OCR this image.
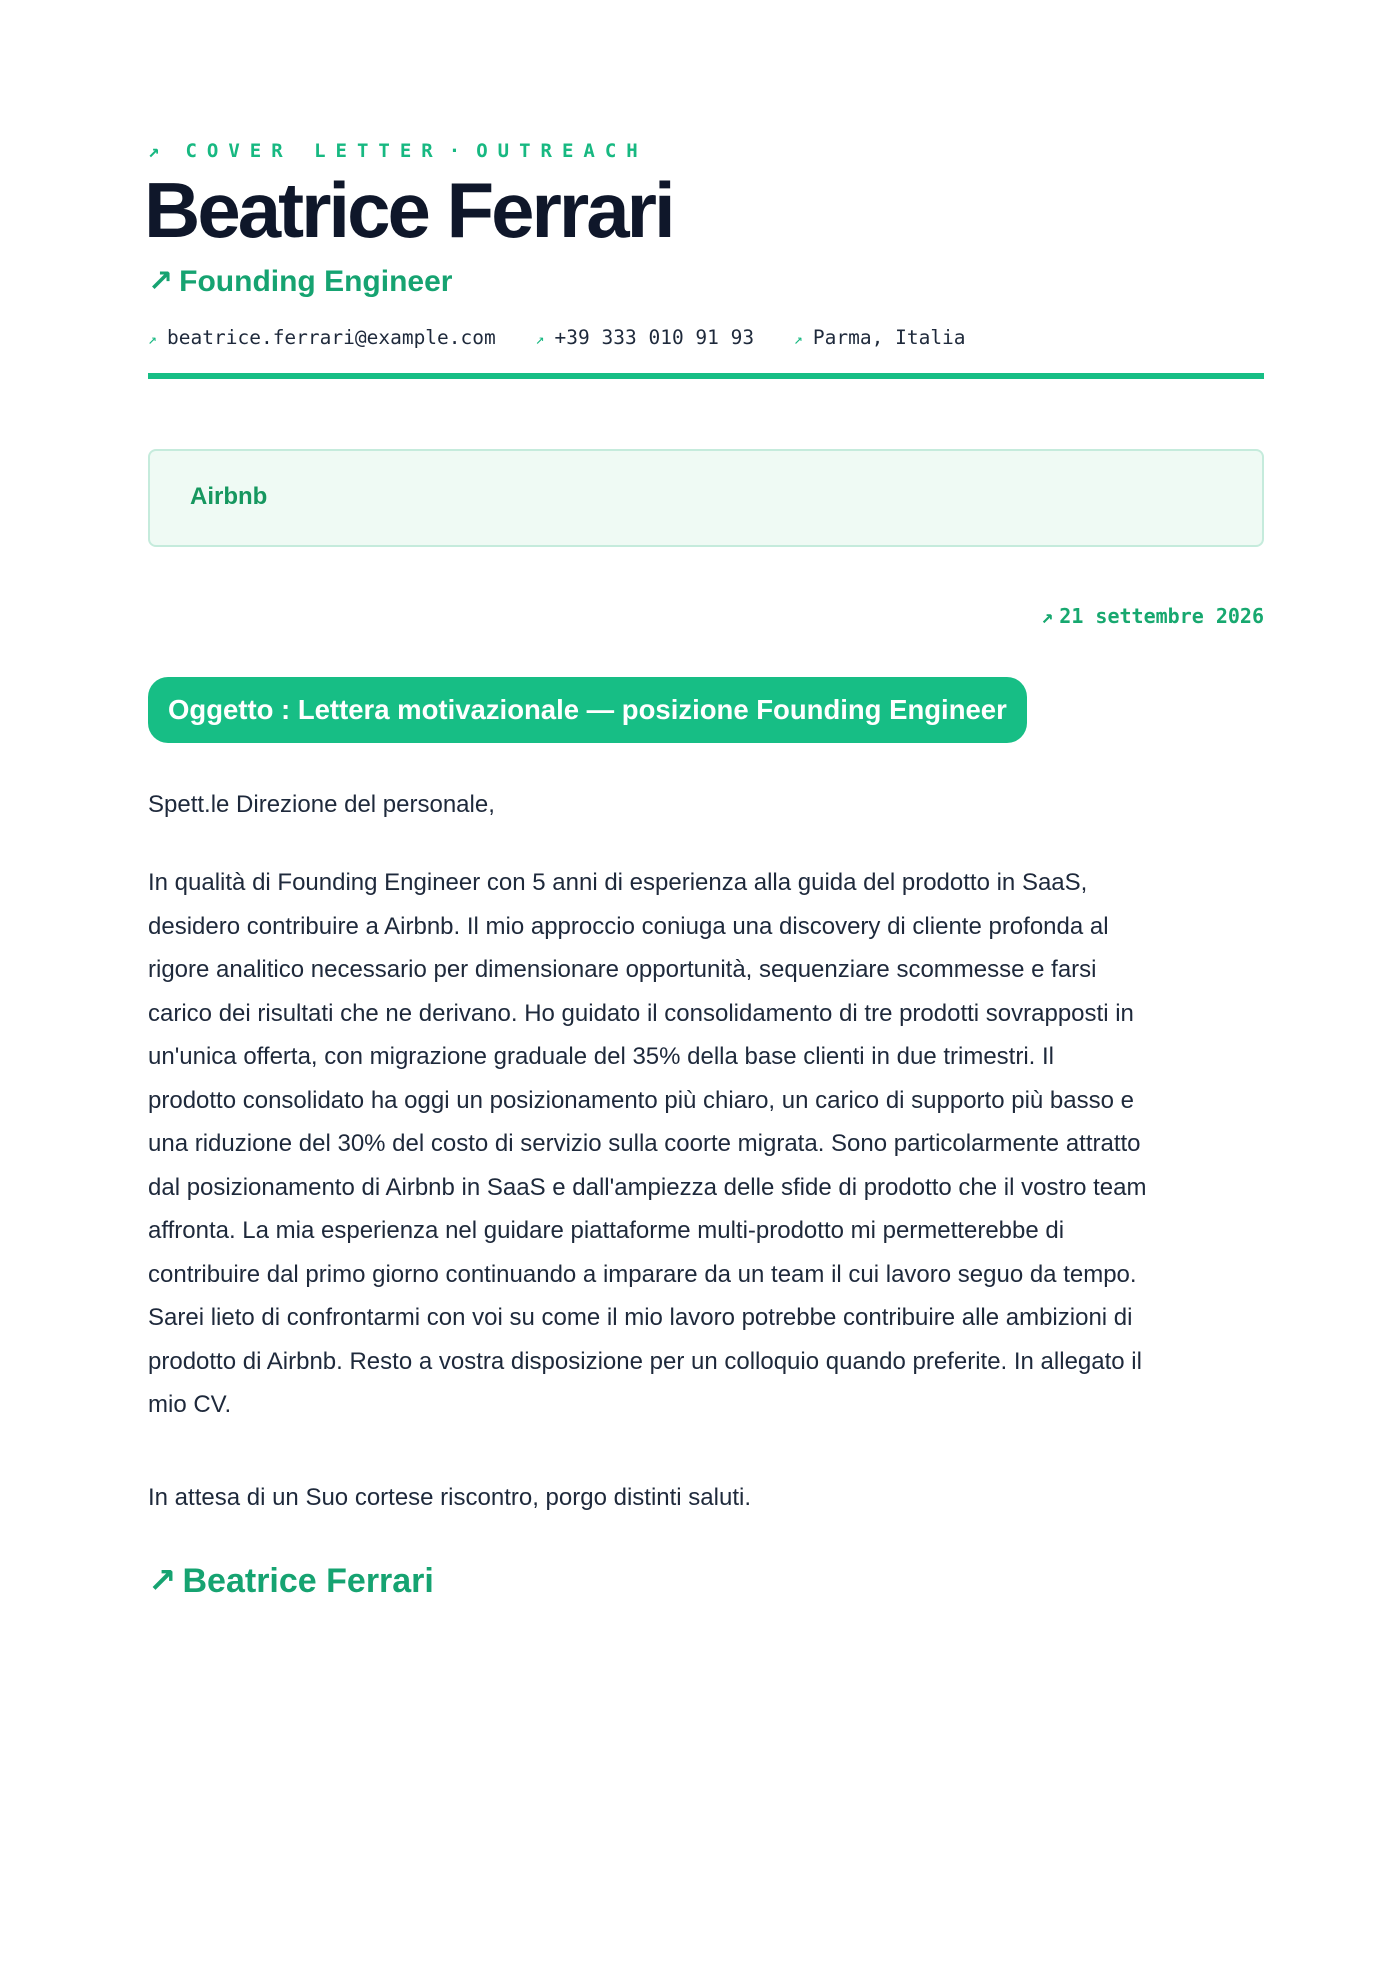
↗ COVER LETTER · OUTREACH
Beatrice Ferrari
↗ Founding Engineer
↗ beatrice.ferrari@example.com	↗ +39 333 010 91 93	↗ Parma, Italia
Airbnb
↗ 21 settembre 2026
Oggetto : Lettera motivazionale — posizione Founding Engineer
Spett.le Direzione del personale,
In qualità di Founding Engineer con 5 anni di esperienza alla guida del prodotto in SaaS,
desidero contribuire a Airbnb. Il mio approccio coniuga una discovery di cliente profonda al
rigore analitico necessario per dimensionare opportunità, sequenziare scommesse e farsi
carico dei risultati che ne derivano. Ho guidato il consolidamento di tre prodotti sovrapposti in
un'unica offerta, con migrazione graduale del 35% della base clienti in due trimestri. Il
prodotto consolidato ha oggi un posizionamento più chiaro, un carico di supporto più basso e
una riduzione del 30% del costo di servizio sulla coorte migrata. Sono particolarmente attratto
dal posizionamento di Airbnb in SaaS e dall'ampiezza delle sfide di prodotto che il vostro team
affronta. La mia esperienza nel guidare piattaforme multi-prodotto mi permetterebbe di
contribuire dal primo giorno continuando a imparare da un team il cui lavoro seguo da tempo.
Sarei lieto di confrontarmi con voi su come il mio lavoro potrebbe contribuire alle ambizioni di
prodotto di Airbnb. Resto a vostra disposizione per un colloquio quando preferite. In allegato il
mio CV.
In attesa di un Suo cortese riscontro, porgo distinti saluti.
↗ Beatrice Ferrari
